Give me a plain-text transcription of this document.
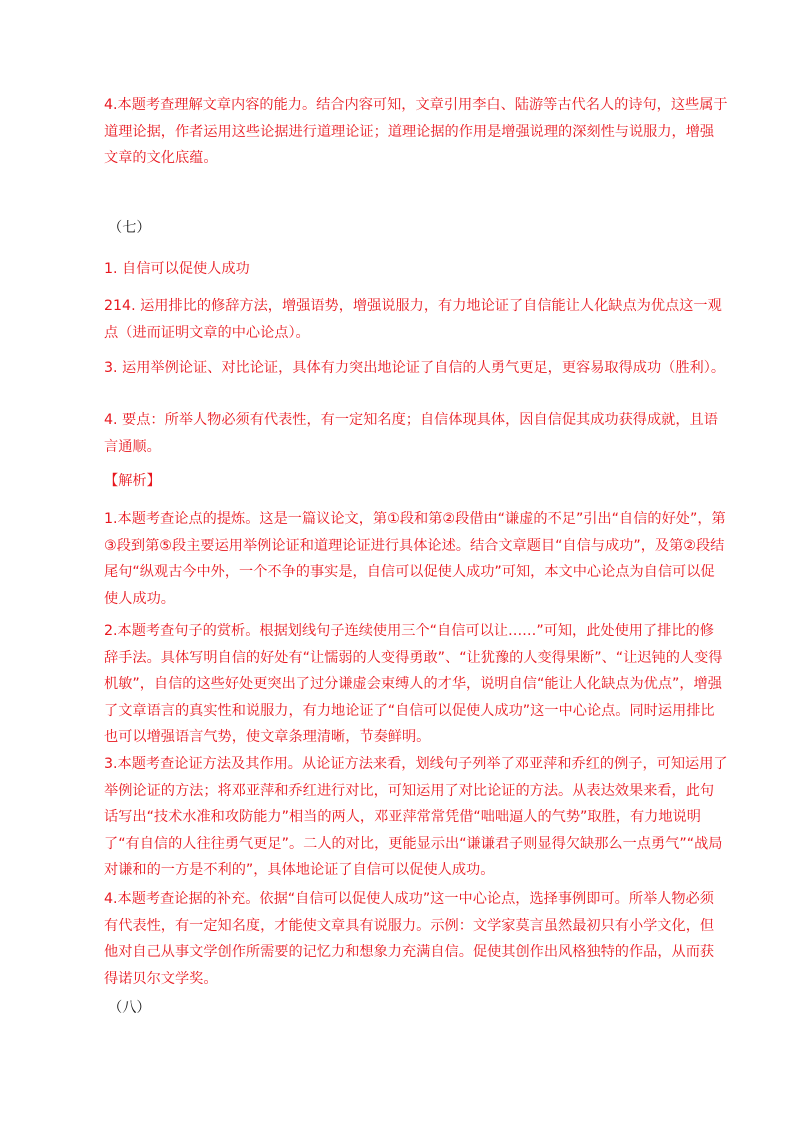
4.本题考查理解文章内容的能力。结合内容可知，文章引用李白、陆游等古代名人的诗句，这些属于道理论据，作者运用这些论据进行道理论证；道理论据的作用是增强说理的深刻性与说服力，增强文章的文化底蕴。

（七）

1. 自信可以促使人成功

214. 运用排比的修辞方法，增强语势，增强说服力，有力地论证了自信能让人化缺点为优点这一观点（进而证明文章的中心论点）。

3. 运用举例论证、对比论证，具体有力突出地论证了自信的人勇气更足，更容易取得成功（胜利）。

4. 要点：所举人物必须有代表性，有一定知名度；自信体现具体，因自信促其成功获得成就，且语言通顺。

【解析】

1.本题考查论点的提炼。这是一篇议论文，第①段和第②段借由“谦虚的不足”引出“自信的好处”，第③段到第⑤段主要运用举例论证和道理论证进行具体论述。结合文章题目“自信与成功”，及第②段结尾句“纵观古今中外，一个不争的事实是，自信可以促使人成功”可知，本文中心论点为自信可以促使人成功。

2.本题考查句子的赏析。根据划线句子连续使用三个“自信可以让……”可知，此处使用了排比的修辞手法。具体写明自信的好处有“让懦弱的人变得勇敢”、“让犹豫的人变得果断”、“让迟钝的人变得机敏”，自信的这些好处更突出了过分谦虚会束缚人的才华，说明自信“能让人化缺点为优点”，增强了文章语言的真实性和说服力，有力地论证了“自信可以促使人成功”这一中心论点。同时运用排比也可以增强语言气势，使文章条理清晰，节奏鲜明。

3.本题考查论证方法及其作用。从论证方法来看，划线句子列举了邓亚萍和乔红的例子，可知运用了举例论证的方法；将邓亚萍和乔红进行对比，可知运用了对比论证的方法。从表达效果来看，此句话写出“技术水准和攻防能力”相当的两人，邓亚萍常常凭借“咄咄逼人的气势”取胜，有力地说明了“有自信的人往往勇气更足”。二人的对比，更能显示出“谦谦君子则显得欠缺那么一点勇气”“战局对谦和的一方是不利的”，具体地论证了自信可以促使人成功。

4.本题考查论据的补充。依据“自信可以促使人成功”这一中心论点，选择事例即可。所举人物必须有代表性，有一定知名度，才能使文章具有说服力。示例：文学家莫言虽然最初只有小学文化，但他对自己从事文学创作所需要的记忆力和想象力充满自信。促使其创作出风格独特的作品，从而获得诺贝尔文学奖。

（八）
